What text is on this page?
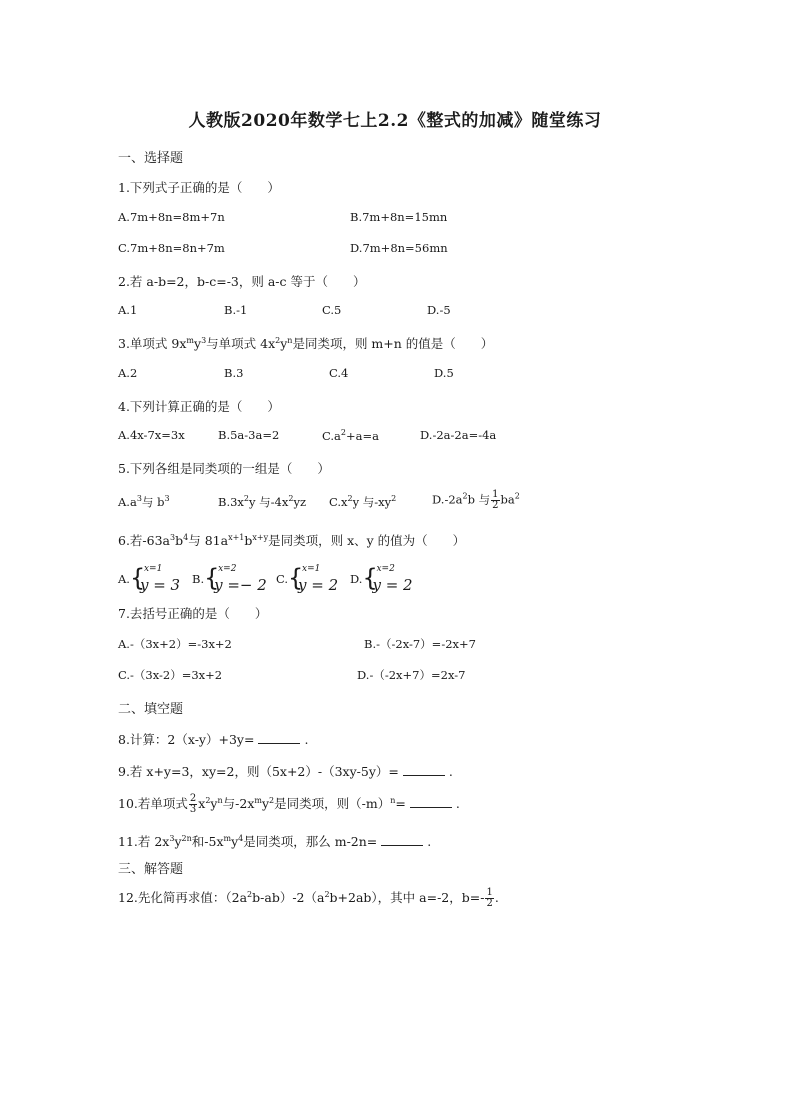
人教版2020年数学七上2.2《整式的加减》随堂练习
一、选择题
1.下列式子正确的是（　　）
A.7m+8n=8m+7n	B.7m+8n=15mn
C.7m+8n=8n+7m	D.7m+8n=56mn
2.若 a-b=2，b-c=-3，则 a-c 等于（　　）
A.1	B.-1	C.5	D.-5
3.单项式 $9x^my^3$与单项式 $4x^2y^n$是同类项，则 m+n 的值是（　　）
A.2	B.3	C.4	D.5
4.下列计算正确的是（　　）
A.4x-7x=3x	B.5a-3a=2	$C.a^2+a=a$	D.-2a-2a=-4a
5.下列各组是同类项的一组是（　　）
$A.a^3$与 $b^3$	$B.3x^2y$ 与$-4x^2yz$ $C.x^2y$ 与$-xy^2$	$D.-2a^2b$ 与 $\frac{1}{2} ba^2$
6.若$-63a^3b^4$与 $81a^{x+1}b^{x+y}$是同类项，则 x、y 的值为（　　）
A. {
x=1
y = 3 B. {
x=2
y =− 2 C. {
x=1
y = 2 D. {
x=2
y = 2
7.去括号正确的是（　　）
A.-（3x+2）=-3x+2	B.-（-2x-7）=-2x+7
C.-（3x-2）=3x+2	D.-（-2x+7）=2x-7
二、填空题
8.计算：2（x-y）+3y=	.
9.若 x+y=3，xy=2，则（5x+2）-（3xy-5y）=	.
10.若单项式 $\frac{2}{3} x^2y^n$与$-2x^my^2$是同类项，则$(-m)^n=$	.
11.若 $2x^3y^{2n}$和$-5x^my^4$是同类项，那么 m-2n=	.
三、解答题
12.先化简再求值：$(2a^2b-ab)-2(a^2b+2ab)$，其中 a=-2，$b=- \frac{1}{2}$ .
